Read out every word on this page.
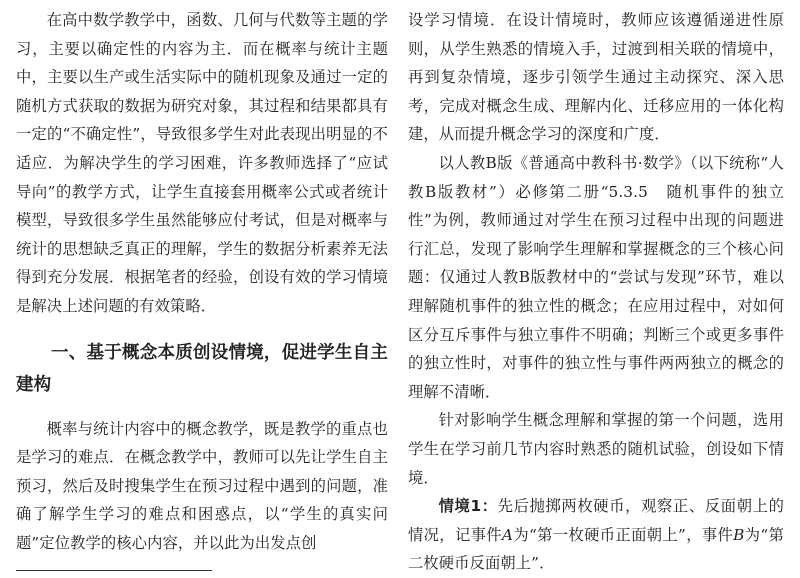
在高中数学教学中，函数、几何与代数等主题的学习，主要以确定性的内容为主．而在概率与统计主题中，主要以生产或生活实际中的随机现象及通过一定的随机方式获取的数据为研究对象，其过程和结果都具有一定的“不确定性”，导致很多学生对此表现出明显的不适应．为解决学生的学习困难，许多教师选择了“应试导向”的教学方式，让学生直接套用概率公式或者统计模型，导致很多学生虽然能够应付考试，但是对概率与统计的思想缺乏真正的理解，学生的数据分析素养无法得到充分发展．根据笔者的经验，创设有效的学习情境是解决上述问题的有效策略．

一、基于概念本质创设情境，促进学生自主建构

概率与统计内容中的概念教学，既是教学的重点也是学习的难点．在概念教学中，教师可以先让学生自主预习，然后及时搜集学生在预习过程中遇到的问题，准确了解学生学习的难点和困惑点，以“学生的真实问题”定位教学的核心内容，并以此为出发点创

设学习情境．在设计情境时，教师应该遵循递进性原则，从学生熟悉的情境入手，过渡到相关联的情境中，再到复杂情境，逐步引领学生通过主动探究、深入思考，完成对概念生成、理解内化、迁移应用的一体化构建，从而提升概念学习的深度和广度．

以人教B版《普通高中教科书·数学》（以下统称“人教B版教材”）必修第二册“5.3.5　随机事件的独立性”为例，教师通过对学生在预习过程中出现的问题进行汇总，发现了影响学生理解和掌握概念的三个核心问题：仅通过人教B版教材中的“尝试与发现”环节，难以理解随机事件的独立性的概念；在应用过程中，对如何区分互斥事件与独立事件不明确；判断三个或更多事件的独立性时，对事件的独立性与事件两两独立的概念的理解不清晰．

针对影响学生概念理解和掌握的第一个问题，选用学生在学习前几节内容时熟悉的随机试验，创设如下情境．

情境1：先后抛掷两枚硬币，观察正、反面朝上的情况，记事件A为“第一枚硬币正面朝上”，事件B为“第二枚硬币反面朝上”．
